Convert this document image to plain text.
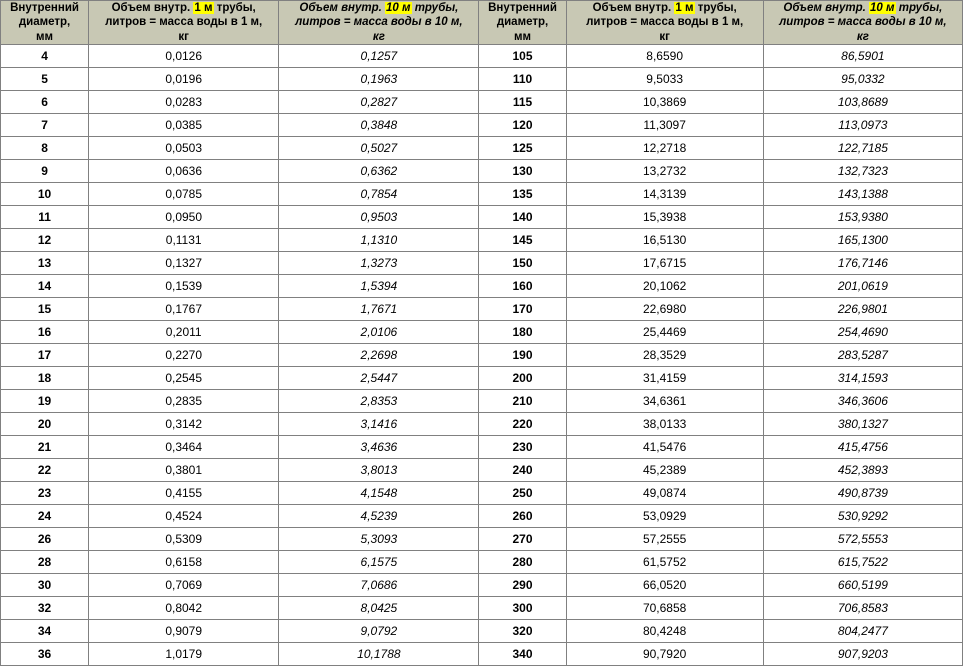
Внутренний
диаметр,
мм	Объем внутр. 1 м трубы,
литров = масса воды в 1 м,
кг	Объем внутр. 10 м трубы,
литров = масса воды в 10 м,
кг	Внутренний
диаметр,
мм	Объем внутр. 1 м трубы,
литров = масса воды в 1 м,
кг	Объем внутр. 10 м трубы,
литров = масса воды в 10 м,
кг
4	0,0126	0,1257	105	8,6590	86,5901
5	0,0196	0,1963	110	9,5033	95,0332
6	0,0283	0,2827	115	10,3869	103,8689
7	0,0385	0,3848	120	11,3097	113,0973
8	0,0503	0,5027	125	12,2718	122,7185
9	0,0636	0,6362	130	13,2732	132,7323
10	0,0785	0,7854	135	14,3139	143,1388
11	0,0950	0,9503	140	15,3938	153,9380
12	0,1131	1,1310	145	16,5130	165,1300
13	0,1327	1,3273	150	17,6715	176,7146
14	0,1539	1,5394	160	20,1062	201,0619
15	0,1767	1,7671	170	22,6980	226,9801
16	0,2011	2,0106	180	25,4469	254,4690
17	0,2270	2,2698	190	28,3529	283,5287
18	0,2545	2,5447	200	31,4159	314,1593
19	0,2835	2,8353	210	34,6361	346,3606
20	0,3142	3,1416	220	38,0133	380,1327
21	0,3464	3,4636	230	41,5476	415,4756
22	0,3801	3,8013	240	45,2389	452,3893
23	0,4155	4,1548	250	49,0874	490,8739
24	0,4524	4,5239	260	53,0929	530,9292
26	0,5309	5,3093	270	57,2555	572,5553
28	0,6158	6,1575	280	61,5752	615,7522
30	0,7069	7,0686	290	66,0520	660,5199
32	0,8042	8,0425	300	70,6858	706,8583
34	0,9079	9,0792	320	80,4248	804,2477
36	1,0179	10,1788	340	90,7920	907,9203
